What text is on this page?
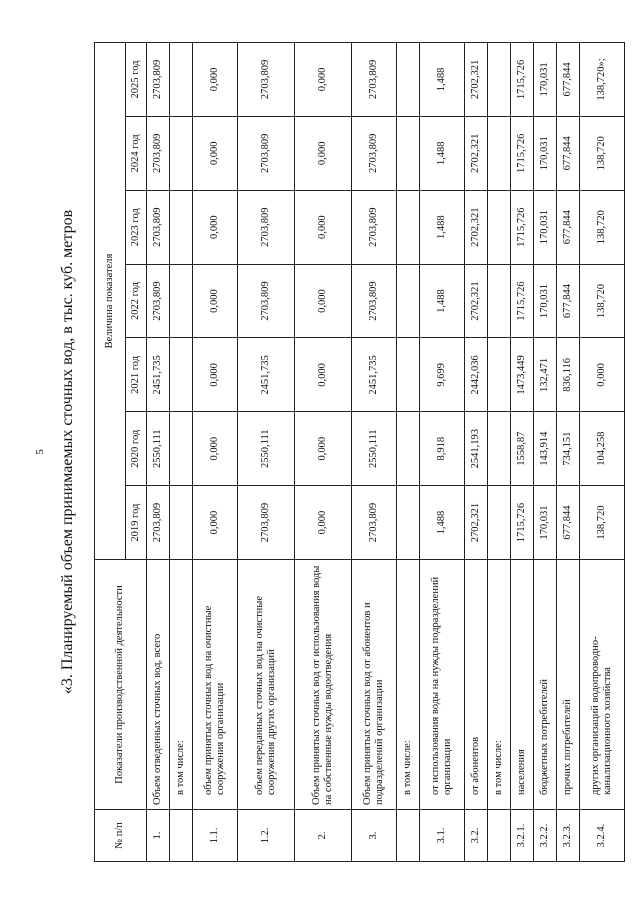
5 «3. Планируемый объем принимаемых сточных вод, в тыс. куб. метров
№ п/п	Показатели производственной деятельности	Величина показателя						
		2019 год	2020 год	2021 год	2022 год	2023 год	2024 год	2025 год
1.	Объем отведенных сточных вод, всего	2703,809	2550,111	2451,735	2703,809	2703,809	2703,809	2703,809
	в том числе:							
1.1.	объем принятых сточных вод на очистные сооружения организации	0,000	0,000	0,000	0,000	0,000	0,000	0,000
1.2.	объем переданных сточных вод на очистные сооружения других организаций	2703,809	2550,111	2451,735	2703,809	2703,809	2703,809	2703,809
2.	Объем принятых сточных вод от использования воды на собственные нужды водоотведения	0,000	0,000	0,000	0,000	0,000	0,000	0,000
3.	Объем принятых сточных вод от абонентов и подразделений организации	2703,809	2550,111	2451,735	2703,809	2703,809	2703,809	2703,809
	в том числе:							
3.1.	от использования воды на нужды подразделений организации	1,488	8,918	9,699	1,488	1,488	1,488	1,488
3.2.	от абонентов	2702,321	2541,193	2442,036	2702,321	2702,321	2702,321	2702,321
	в том числе:							
3.2.1.	населения	1715,726	1558,87	1473,449	1715,726	1715,726	1715,726	1715,726
3.2.2.	бюджетных потребителей	170,031	143,914	132,471	170,031	170,031	170,031	170,031
3.2.3.	прочих потребителей	677,844	734,151	836,116	677,844	677,844	677,844	677,844
3.2.4.	других организаций водопроводно-канализационного хозяйства	138,720	104,258	0,000	138,720	138,720	138,720	138,720»;
